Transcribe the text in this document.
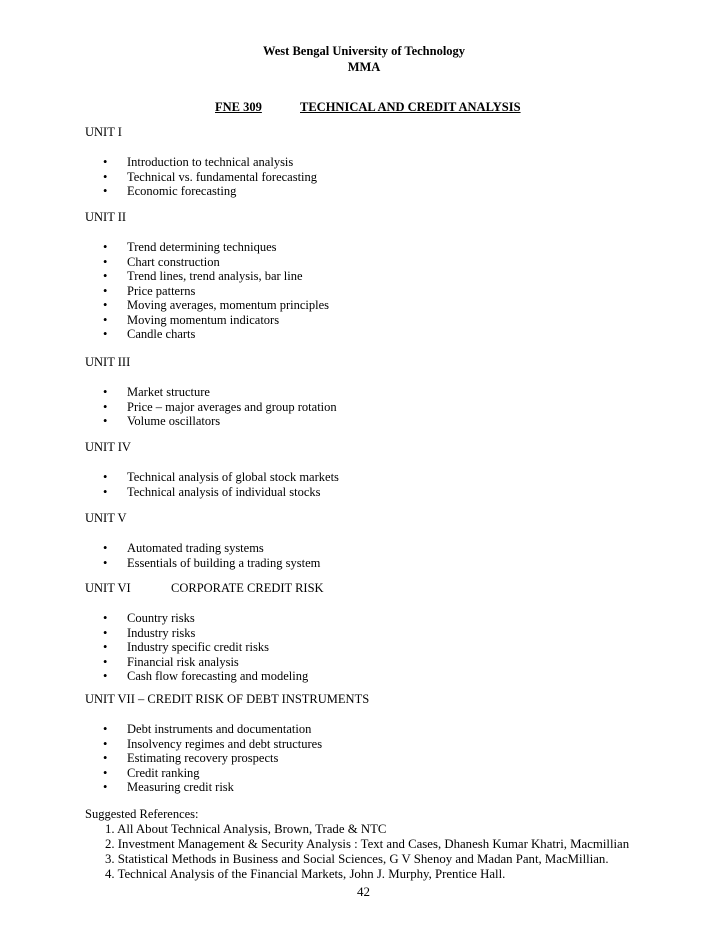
West Bengal University of Technology
MMA
FNE 309	TECHNICAL AND CREDIT ANALYSIS
UNIT I
• Introduction to technical analysis
• Technical vs. fundamental forecasting
• Economic forecasting
UNIT II
• Trend determining techniques
• Chart construction
• Trend lines, trend analysis, bar line
• Price patterns
• Moving averages, momentum principles
• Moving momentum indicators
• Candle charts
UNIT III
• Market structure
• Price – major averages and group rotation
• Volume oscillators
UNIT IV
• Technical analysis of global stock markets
• Technical analysis of individual stocks
UNIT V
• Automated trading systems
• Essentials of building a trading system
UNIT VI	CORPORATE CREDIT RISK
• Country risks
• Industry risks
• Industry specific credit risks
• Financial risk analysis
• Cash flow forecasting and modeling
UNIT VII – CREDIT RISK OF DEBT INSTRUMENTS
• Debt instruments and documentation
• Insolvency regimes and debt structures
• Estimating recovery prospects
• Credit ranking
• Measuring credit risk
Suggested References:
1. All About Technical Analysis, Brown, Trade & NTC
2. Investment Management & Security Analysis : Text and Cases, Dhanesh Kumar Khatri, Macmillian
3. Statistical Methods in Business and Social Sciences, G V Shenoy and Madan Pant, MacMillian.
4. Technical Analysis of the Financial Markets, John J. Murphy, Prentice Hall.
42
